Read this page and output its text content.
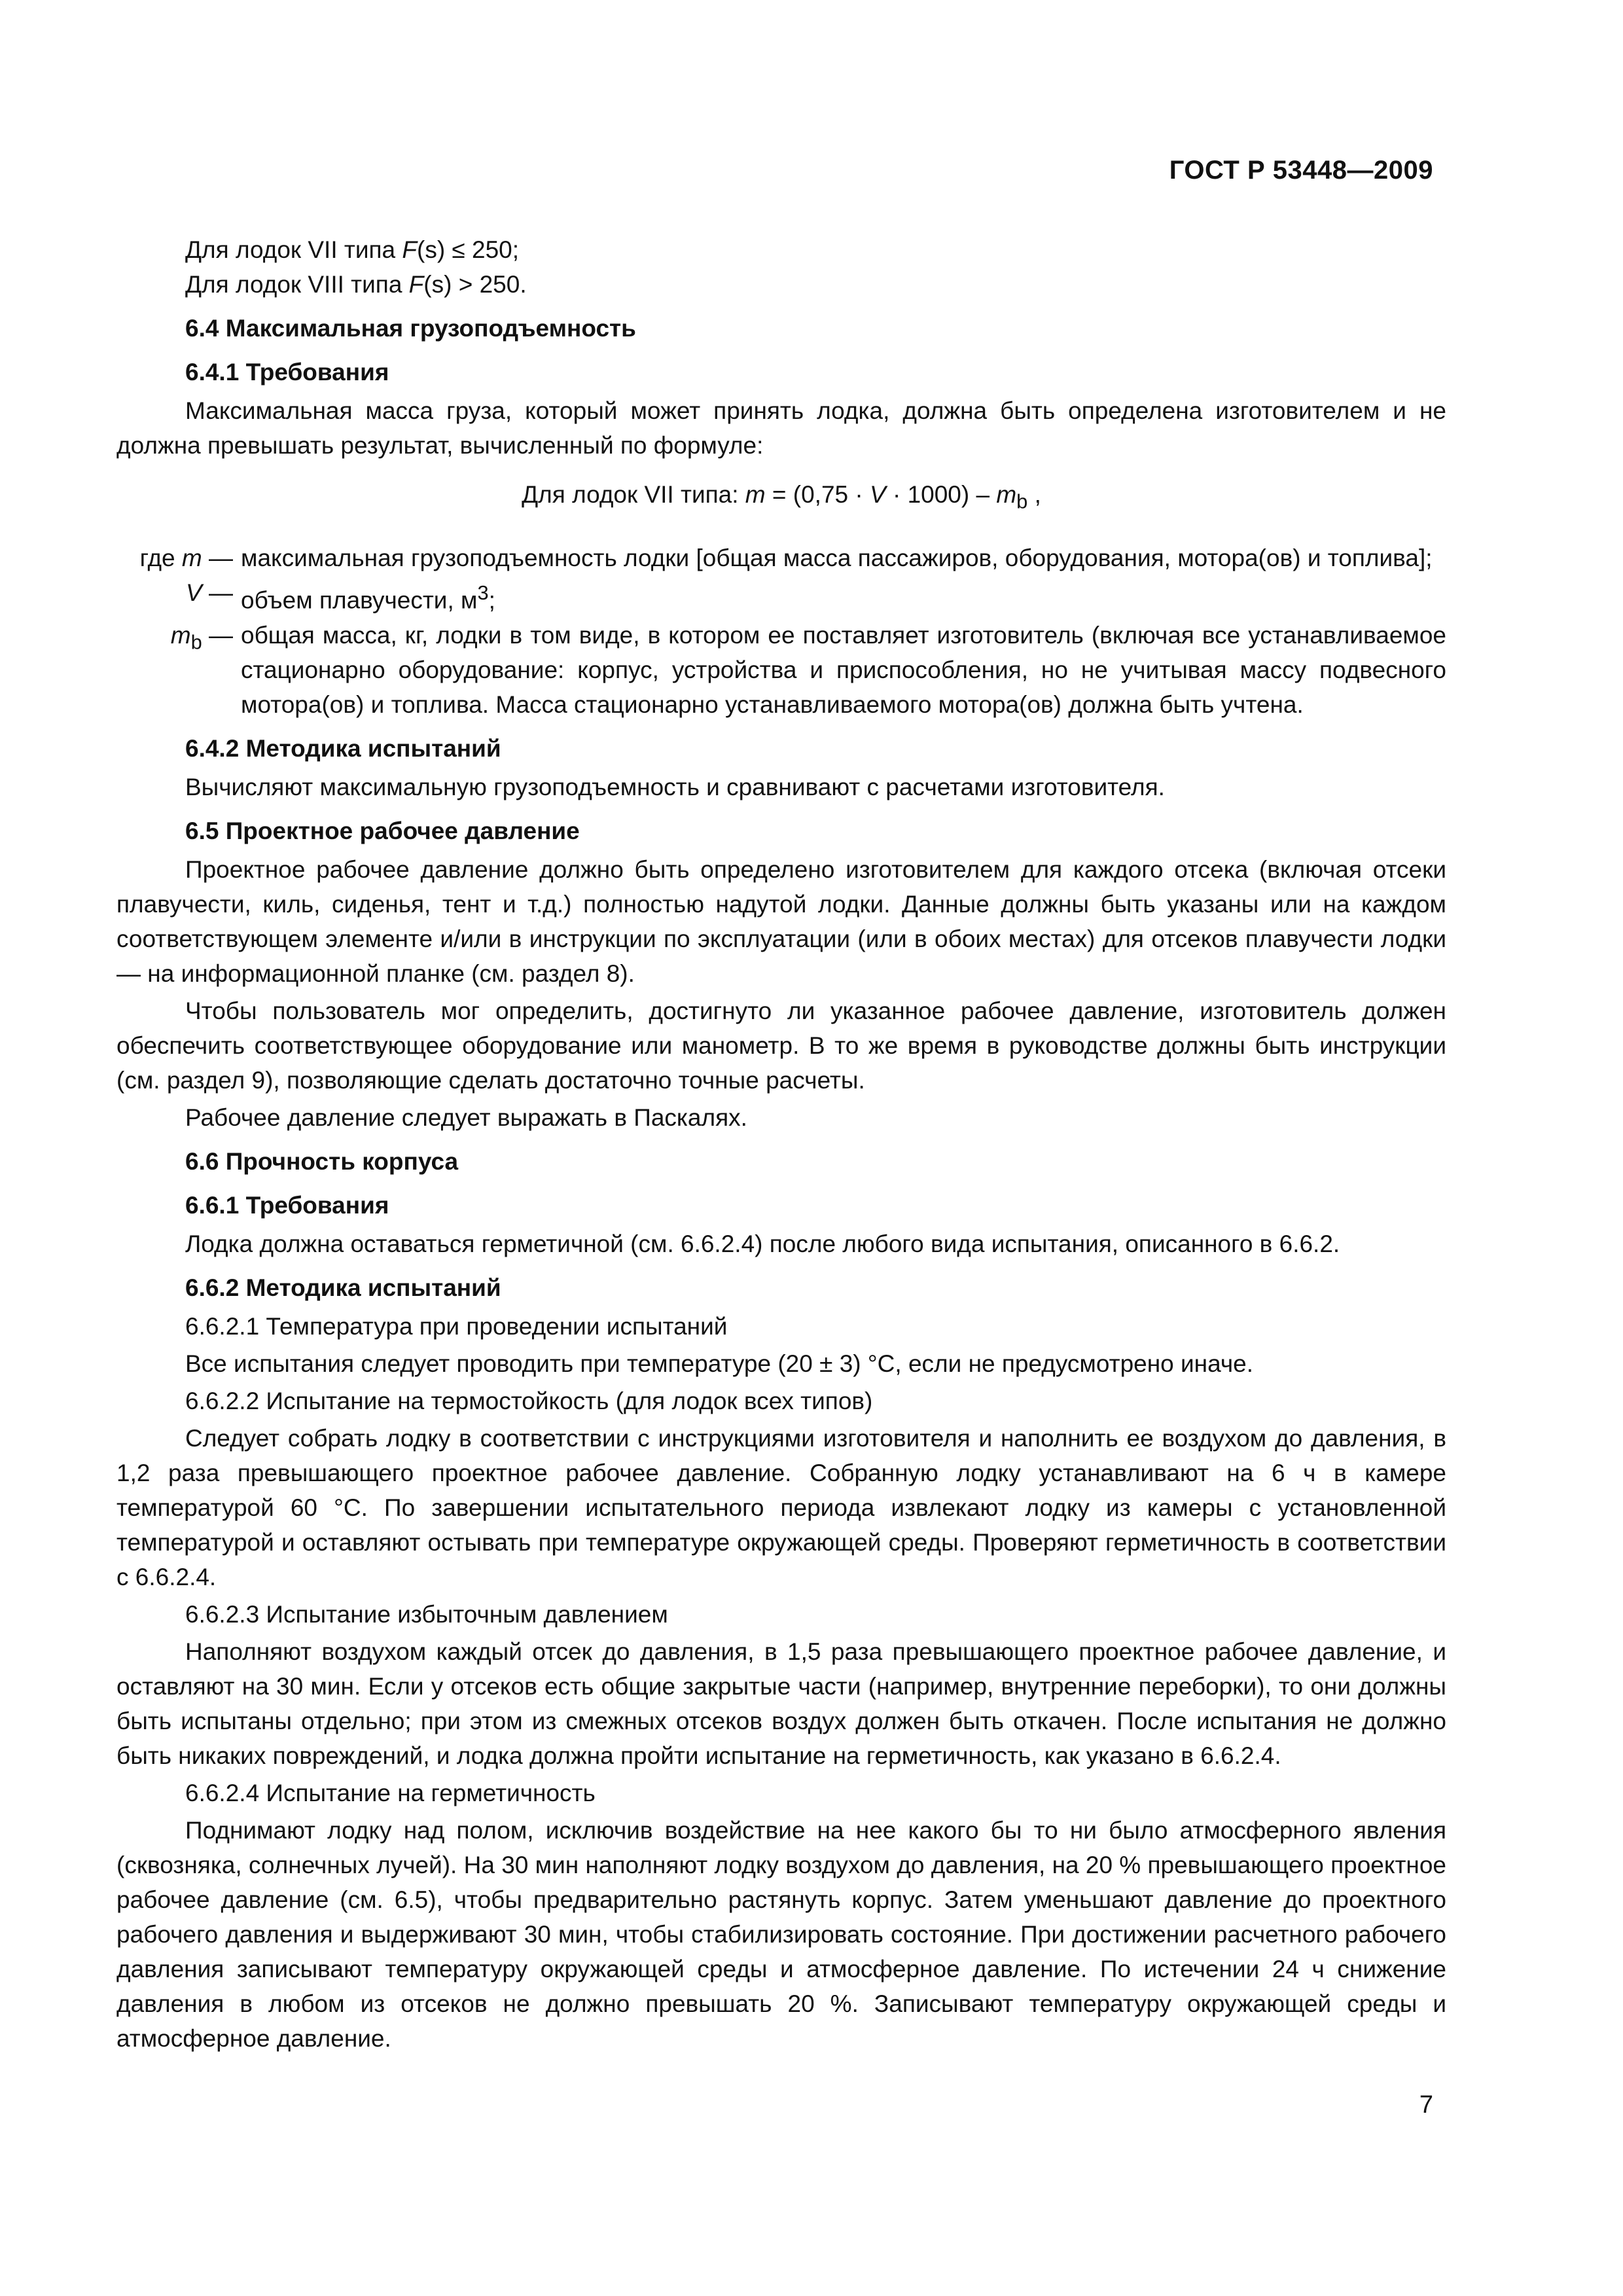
ГОСТ Р 53448—2009
Для лодок VII типа F(s) ≤ 250;
Для лодок VIII типа F(s) > 250.
6.4 Максимальная грузоподъемность
6.4.1 Требования

Максимальная масса груза, который может принять лодка, должна быть определена изготовителем и не должна превышать результат, вычисленный по формуле:

Для лодок VII типа: $m = (0,75 \cdot V \cdot 1000) - m_b$ ,
где m — максимальная грузоподъемность лодки [общая масса пассажиров, оборудования, мотора(ов) и топлива];
V — объем плавучести, $м^3$;
$m_b$ — общая масса, кг, лодки в том виде, в котором ее поставляет изготовитель (включая все устанавливаемое стационарно оборудование: корпус, устройства и приспособления, но не учитывая массу подвесного мотора(ов) и топлива. Масса стационарно устанавливаемого мотора(ов) должна быть учтена.
6.4.2 Методика испытаний

Вычисляют максимальную грузоподъемность и сравнивают с расчетами изготовителя.

6.5 Проектное рабочее давление

Проектное рабочее давление должно быть определено изготовителем для каждого отсека (включая отсеки плавучести, киль, сиденья, тент и т.д.) полностью надутой лодки. Данные должны быть указаны или на каждом соответствующем элементе и/или в инструкции по эксплуатации (или в обоих местах) для отсеков плавучести лодки — на информационной планке (см. раздел 8).

Чтобы пользователь мог определить, достигнуто ли указанное рабочее давление, изготовитель должен обеспечить соответствующее оборудование или манометр. В то же время в руководстве должны быть инструкции (см. раздел 9), позволяющие сделать достаточно точные расчеты.

Рабочее давление следует выражать в Паскалях.

6.6 Прочность корпуса
6.6.1 Требования

Лодка должна оставаться герметичной (см. 6.6.2.4) после любого вида испытания, описанного в 6.6.2.

6.6.2 Методика испытаний
6.6.2.1 Температура при проведении испытаний

Все испытания следует проводить при температуре (20 ± 3) °С, если не предусмотрено иначе.

6.6.2.2 Испытание на термостойкость (для лодок всех типов)

Следует собрать лодку в соответствии с инструкциями изготовителя и наполнить ее воздухом до давления, в 1,2 раза превышающего проектное рабочее давление. Собранную лодку устанавливают на 6 ч в камере температурой 60 °С. По завершении испытательного периода извлекают лодку из камеры с установленной температурой и оставляют остывать при температуре окружающей среды. Проверяют герметичность в соответствии с 6.6.2.4.

6.6.2.3 Испытание избыточным давлением

Наполняют воздухом каждый отсек до давления, в 1,5 раза превышающего проектное рабочее давление, и оставляют на 30 мин. Если у отсеков есть общие закрытые части (например, внутренние переборки), то они должны быть испытаны отдельно; при этом из смежных отсеков воздух должен быть откачен. После испытания не должно быть никаких повреждений, и лодка должна пройти испытание на герметичность, как указано в 6.6.2.4.

6.6.2.4 Испытание на герметичность

Поднимают лодку над полом, исключив воздействие на нее какого бы то ни было атмосферного явления (сквозняка, солнечных лучей). На 30 мин наполняют лодку воздухом до давления, на 20 % превышающего проектное рабочее давление (см. 6.5), чтобы предварительно растянуть корпус. Затем уменьшают давление до проектного рабочего давления и выдерживают 30 мин, чтобы стабилизировать состояние. При достижении расчетного рабочего давления записывают температуру окружающей среды и атмосферное давление. По истечении 24 ч снижение давления в любом из отсеков не должно превышать 20 %. Записывают температуру окружающей среды и атмосферное давление.

7
